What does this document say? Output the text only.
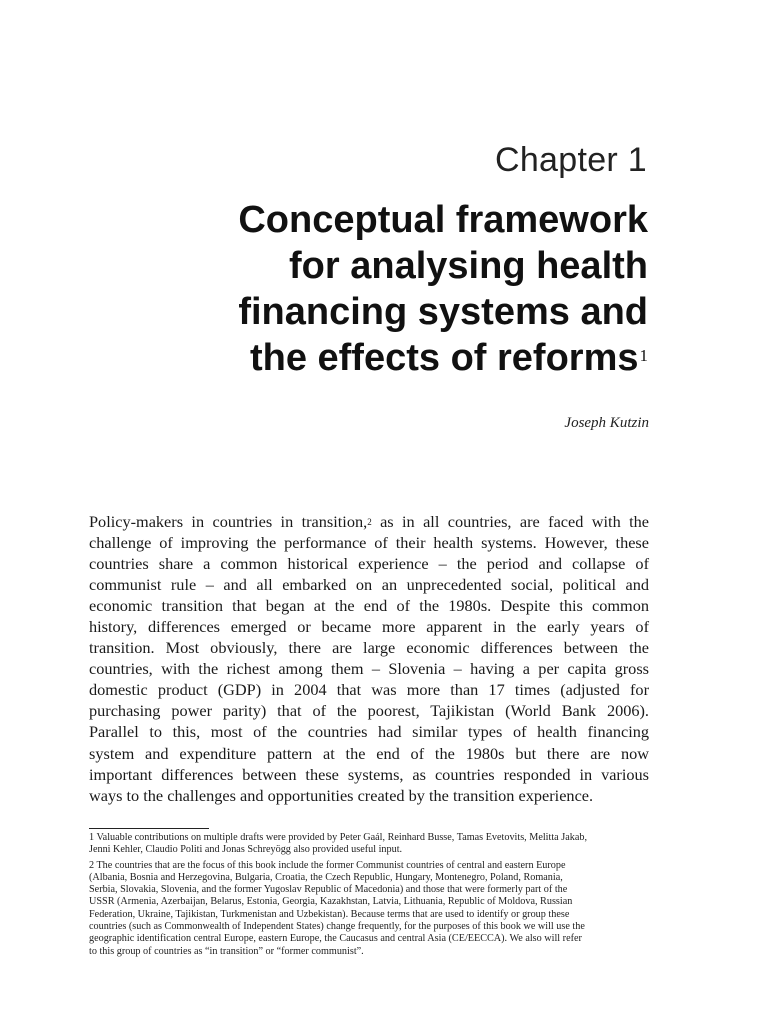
Chapter 1
Conceptual framework
for analysing health
financing systems and
the effects of reforms$^1$
Joseph Kutzin
Policy-makers in countries in transition,$^2$ as in all countries, are faced with the
challenge of improving the performance of their health systems. However, these
countries share a common historical experience – the period and collapse of
communist rule – and all embarked on an unprecedented social, political and
economic transition that began at the end of the 1980s. Despite this common
history, differences emerged or became more apparent in the early years of
transition. Most obviously, there are large economic differences between the
countries, with the richest among them – Slovenia – having a per capita gross
domestic product (GDP) in 2004 that was more than 17 times (adjusted for
purchasing power parity) that of the poorest, Tajikistan (World Bank 2006).
Parallel to this, most of the countries had similar types of health financing
system and expenditure pattern at the end of the 1980s but there are now
important differences between these systems, as countries responded in various
ways to the challenges and opportunities created by the transition experience.
1 Valuable contributions on multiple drafts were provided by Peter Gaál, Reinhard Busse, Tamas Evetovits, Melitta Jakab,
Jenni Kehler, Claudio Politi and Jonas Schreyögg also provided useful input.
2 The countries that are the focus of this book include the former Communist countries of central and eastern Europe
(Albania, Bosnia and Herzegovina, Bulgaria, Croatia, the Czech Republic, Hungary, Montenegro, Poland, Romania,
Serbia, Slovakia, Slovenia, and the former Yugoslav Republic of Macedonia) and those that were formerly part of the
USSR (Armenia, Azerbaijan, Belarus, Estonia, Georgia, Kazakhstan, Latvia, Lithuania, Republic of Moldova, Russian
Federation, Ukraine, Tajikistan, Turkmenistan and Uzbekistan). Because terms that are used to identify or group these
countries (such as Commonwealth of Independent States) change frequently, for the purposes of this book we will use the
geographic identification central Europe, eastern Europe, the Caucasus and central Asia (CE/EECCA). We also will refer
to this group of countries as “in transition” or “former communist”.
